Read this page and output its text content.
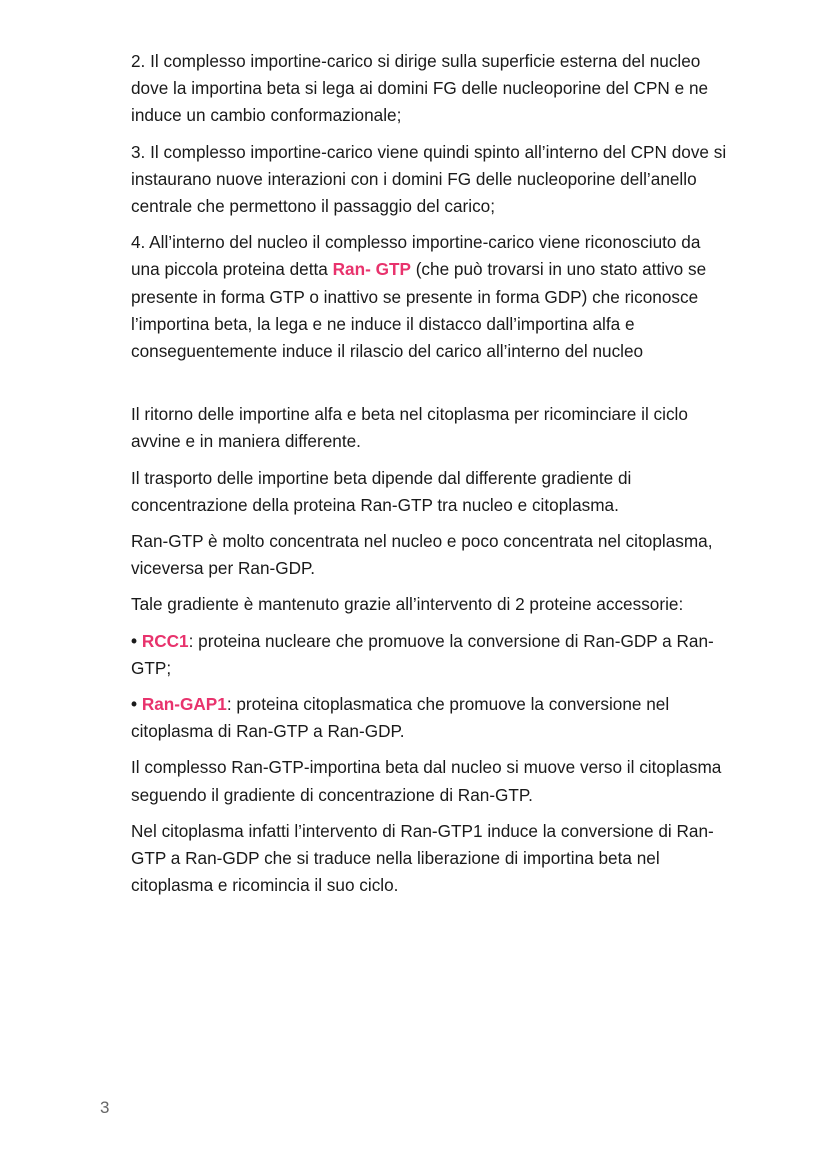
2. Il complesso importine-carico si dirige sulla superficie esterna del nucleo dove la importina beta si lega ai domini FG delle nucleoporine del CPN e ne induce un cambio conformazionale;

3. Il complesso importine-carico viene quindi spinto all’interno del CPN dove si instaurano nuove interazioni con i domini FG delle nucleoporine dell’anello centrale che permettono il passaggio del carico;

4. All’interno del nucleo il complesso importine-carico viene riconosciuto da una piccola proteina detta Ran- GTP (che può trovarsi in uno stato attivo se presente in forma GTP o inattivo se presente in forma GDP) che riconosce l’importina beta, la lega e ne induce il distacco dall’importina alfa e conseguentemente induce il rilascio del carico all’interno del nucleo

Il ritorno delle importine alfa e beta nel citoplasma per ricominciare il ciclo avvine e in maniera differente.

Il trasporto delle importine beta dipende dal differente gradiente di concentrazione della proteina Ran-GTP tra nucleo e citoplasma.

Ran-GTP è molto concentrata nel nucleo e poco concentrata nel citoplasma, viceversa per Ran-GDP.

Tale gradiente è mantenuto grazie all’intervento di 2 proteine accessorie:

• RCC1: proteina nucleare che promuove la conversione di Ran-GDP a Ran-GTP;

• Ran-GAP1: proteina citoplasmatica che promuove la conversione nel citoplasma di Ran-GTP a Ran-GDP.

Il complesso Ran-GTP-importina beta dal nucleo si muove verso il citoplasma seguendo il gradiente di concentrazione di Ran-GTP.

Nel citoplasma infatti l’intervento di Ran-GTP1 induce la conversione di Ran-GTP a Ran-GDP che si traduce nella liberazione di importina beta nel citoplasma e ricomincia il suo ciclo.

3
